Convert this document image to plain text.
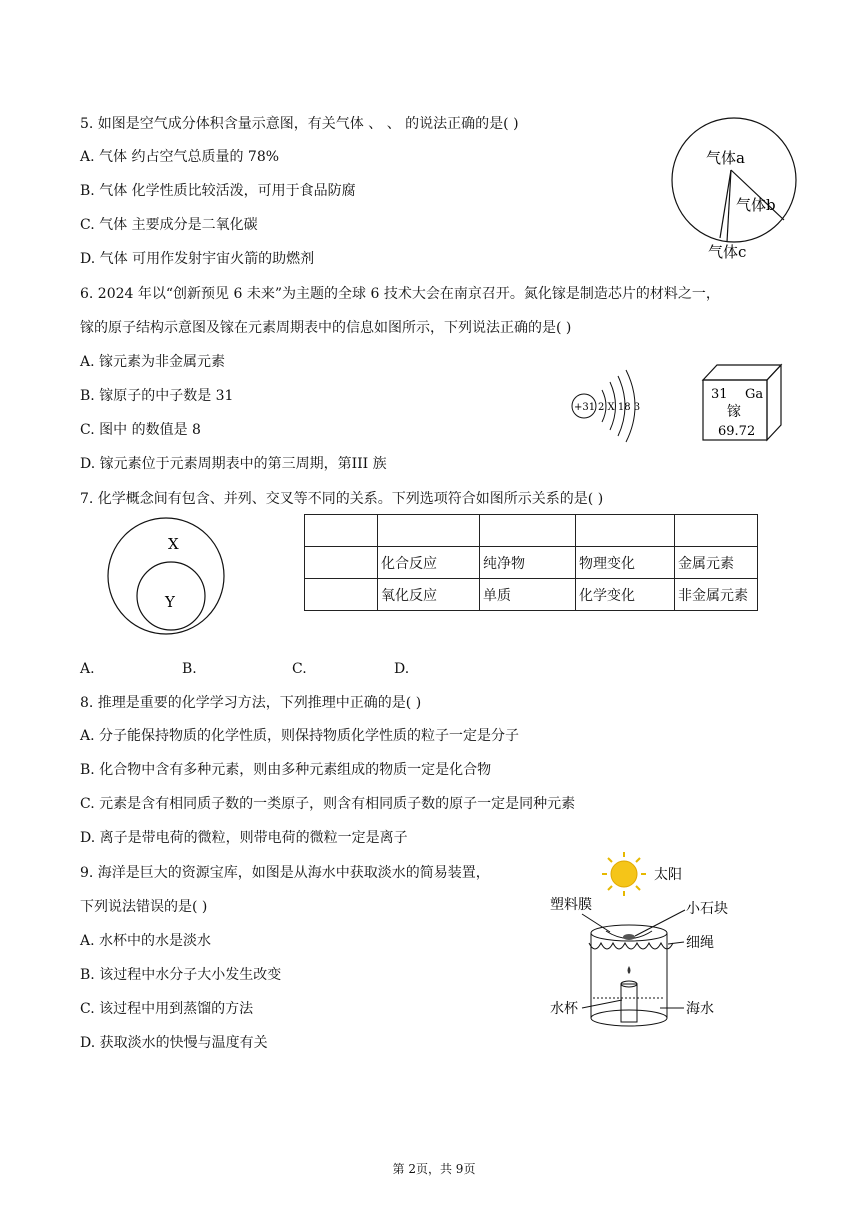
5. 如图是空气成分体积含量示意图，有关气体 、 、 的说法正确的是( )
A. 气体 约占空气总质量的 78%
B. 气体 化学性质比较活泼，可用于食品防腐
C. 气体 主要成分是二氧化碳
D. 气体 可用作发射宇宙火箭的助燃剂
气体a
气体b
气体c
6. 2024 年以“创新预见 6 未来”为主题的全球 6 技术大会在南京召开。氮化镓是制造芯片的材料之一，
镓的原子结构示意图及镓在元素周期表中的信息如图所示，下列说法正确的是( )
A. 镓元素为非金属元素
B. 镓原子的中子数是 31
C. 图中 的数值是 8
D. 镓元素位于元素周期表中的第三周期，第III 族
+31 2 X 18 3
31 Ga
镓
69.72
7. 化学概念间有包含、并列、交叉等不同的关系。下列选项符合如图所示关系的是( )
X
Y

	化合反应	纯净物	物理变化	金属元素
	氧化反应	单质	化学变化	非金属元素
A.	B.	C.	D.
8. 推理是重要的化学学习方法，下列推理中正确的是( )
A. 分子能保持物质的化学性质，则保持物质化学性质的粒子一定是分子
B. 化合物中含有多种元素，则由多种元素组成的物质一定是化合物
C. 元素是含有相同质子数的一类原子，则含有相同质子数的原子一定是同种元素
D. 离子是带电荷的微粒，则带电荷的微粒一定是离子
9. 海洋是巨大的资源宝库，如图是从海水中获取淡水的简易装置，
下列说法错误的是( )
A. 水杯中的水是淡水
B. 该过程中水分子大小发生改变
C. 该过程中用到蒸馏的方法
D. 获取淡水的快慢与温度有关
太阳
塑料膜	小石块
细绳
水杯	海水
第 2页，共 9页
